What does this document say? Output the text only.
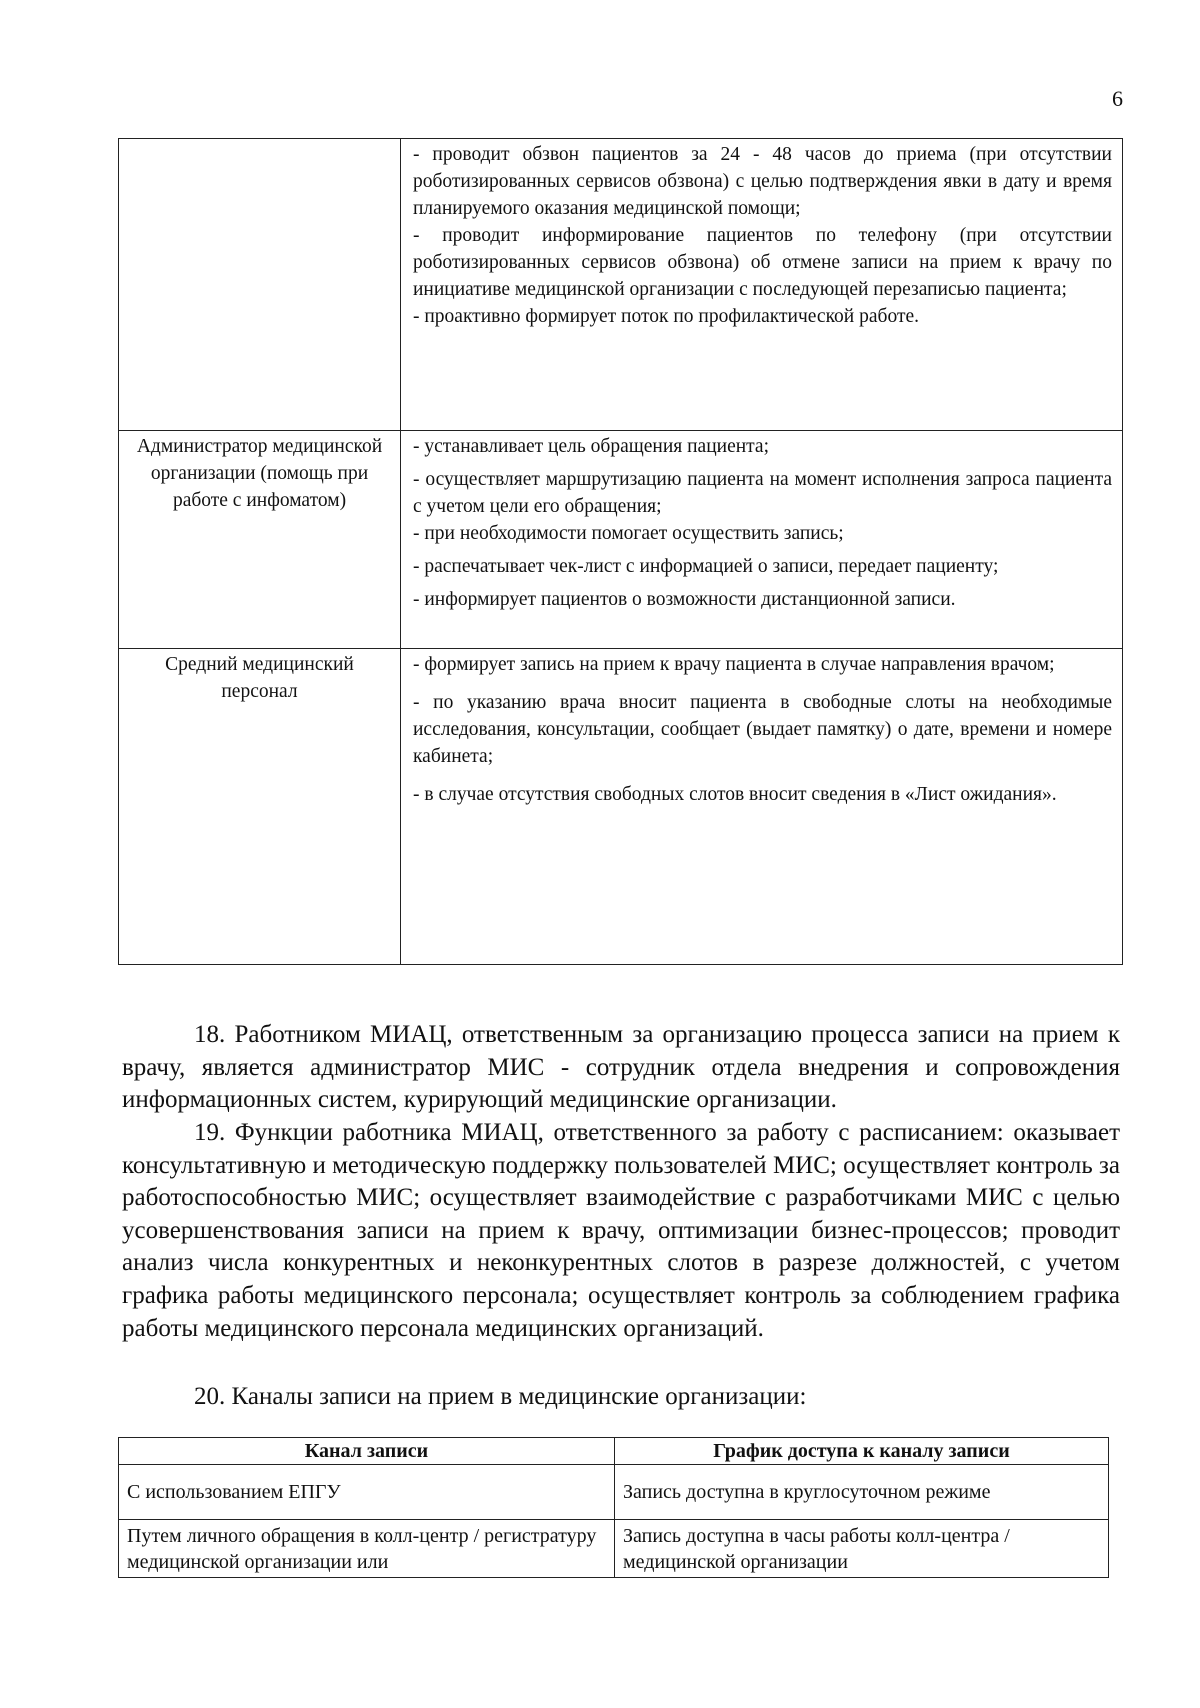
6

	- проводит обзвон пациентов за 24 - 48 часов до приема (при отсутствии роботизированных сервисов обзвона) с целью подтверждения явки в дату и время планируемого оказания медицинской помощи;

- проводит информирование пациентов по телефону (при отсутствии роботизированных сервисов обзвона) об отмене записи на прием к врачу по инициативе медицинской организации с последующей перезаписью пациента;

- проактивно формирует поток по профилактической работе.

Администратор медицинской организации (помощь при работе с инфоматом)	- устанавливает цель обращения пациента;

- осуществляет маршрутизацию пациента на момент исполнения запроса пациента с учетом цели его обращения;

- при необходимости помогает осуществить запись;

- распечатывает чек-лист с информацией о записи, передает пациенту;

- информирует пациентов о возможности дистанционной записи.

Средний медицинский персонал	- формирует запись на прием к врачу пациента в случае направления врачом;

- по указанию врача вносит пациента в свободные слоты на необходимые исследования, консультации, сообщает (выдает памятку) о дате, времени и номере кабинета;

- в случае отсутствия свободных слотов вносит сведения в «Лист ожидания».

18. Работником МИАЦ, ответственным за организацию процесса записи на прием к врачу, является администратор МИС - сотрудник отдела внедрения и сопровождения информационных систем, курирующий медицинские организации.

19. Функции работника МИАЦ, ответственного за работу с расписанием: оказывает консультативную и методическую поддержку пользователей МИС; осуществляет контроль за работоспособностью МИС; осуществляет взаимодействие с разработчиками МИС с целью усовершенствования записи на прием к врачу, оптимизации бизнес-процессов; проводит анализ числа конкурентных и неконкурентных слотов в разрезе должностей, с учетом графика работы медицинского персонала; осуществляет контроль за соблюдением графика работы медицинского персонала медицинских организаций.

20. Каналы записи на прием в медицинские организации:

Канал записи	График доступа к каналу записи
С использованием ЕПГУ	Запись доступна в круглосуточном режиме
Путем личного обращения в колл-центр / регистратуру медицинской организации или	Запись доступна в часы работы колл-центра / медицинской организации
